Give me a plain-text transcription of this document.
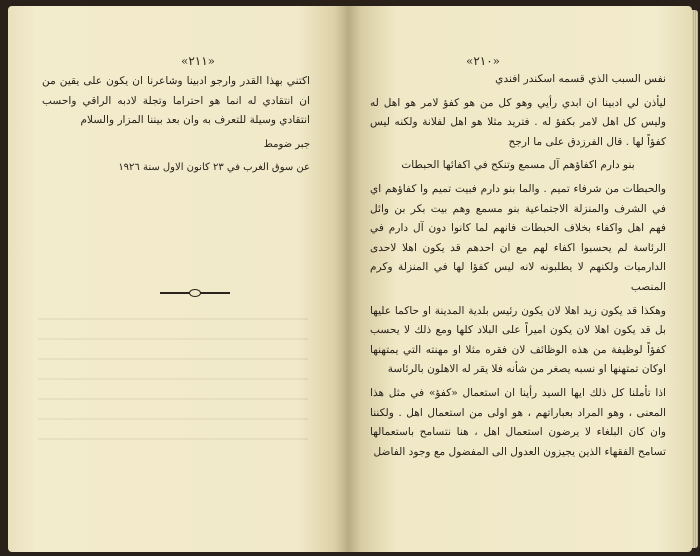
«٢١١»

اكتني بهذا القدر وارجو ادبينا وشاعرنا ان يكون على يقين من ان انتقادي له انما هو احتراما وتجلة لادبه الراقي واحسب انتقادي وسيلة للتعرف به وان بعد بيننا المزار والسلام

جبر ضومط

عن سوق الغرب في ٢٣ كانون الاول سنة ١٩٢٦

«٢١٠»

نفس السبب الذي قسمه اسكندر افندي

ليأذن لي ادبينا ان ابدي رأيي وهو كل من هو كفؤ لامر هو اهل له وليس كل اهل لامر بكفؤ له . فتريد مثلا هو اهل لفلانة ولكنه ليس كفؤاً لها . قال الفرزدق على ما ارجح

بنو دارم اكفاؤهم آل مسمع وتنكح في اكفائها الحبطات

والحبطات من شرفاء تميم . والما بنو دارم فبيت تميم وا كفاؤهم اي في الشرف والمنزلة الاجتماعية بنو مسمع وهم بيت بكر بن وائل فهم اهل واكفاء بخلاف الحبطات فانهم لما كانوا دون آل دارم في الرئاسة لم يحسبوا اكفاء لهم مع ان احدهم قد يكون اهلا لاحدى الدارميات ولكنهم لا يطلبونه لانه ليس كفؤا لها في المنزلة وكرم المنصب

وهكذا قد يكون زيد اهلا لان يكون رئيس بلدية المدينة او حاكما عليها بل قد يكون اهلا لان يكون اميراً على البلاد كلها ومع ذلك لا يحسب كفؤاً لوظيفة من هذه الوظائف لان فقره مثلا او مهنته التي يمتهنها اوكان تمتهنها او نسبه يصغر من شأنه فلا يقر له الاهلون بالرئاسة

اذا تأملنا كل ذلك ايها السيد رأينا ان استعمال «كفؤ» في مثل هذا المعنى ، وهو المراد بعباراتهم ، هو اولى من استعمال اهل . ولكننا وان كان البلغاء لا يرضون استعمال اهل ، هنا نتسامح باستعمالها تسامح الفقهاء الذين يجيزون العدول الى المفضول مع وجود الفاضل
